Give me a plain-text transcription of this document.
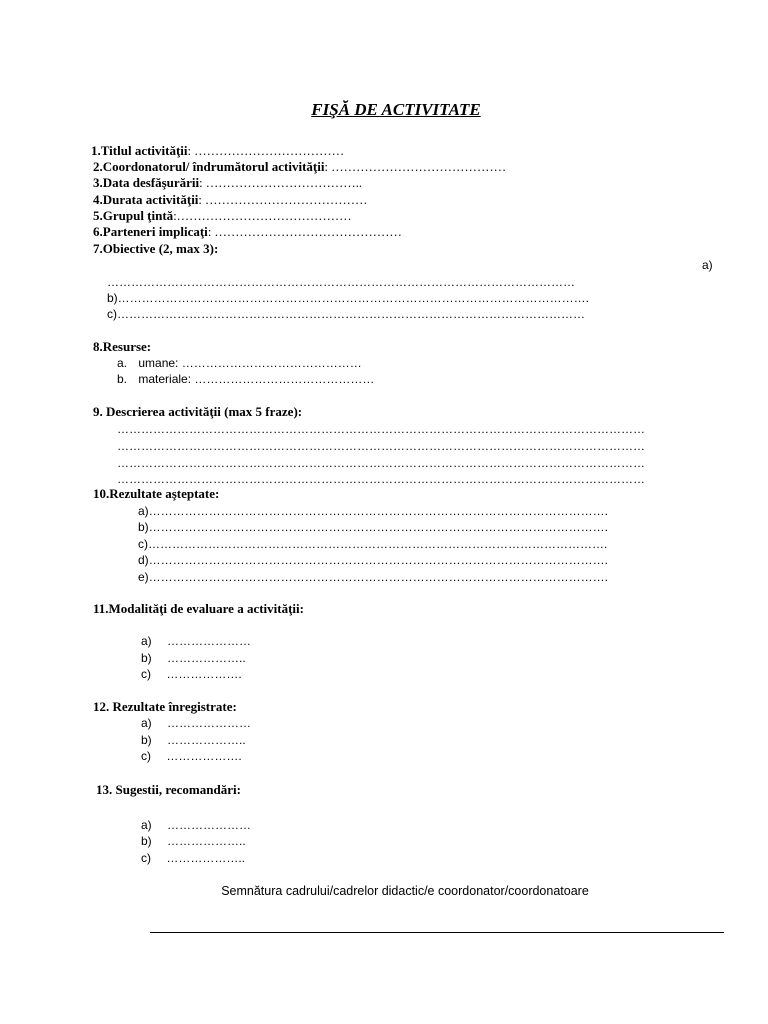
FIŞĂ DE ACTIVITATE
1.Titlul activităţii: ………………………………
2.Coordonatorul/ îndrumătorul activităţii: ……………………………………
3.Data desfăşurării: ………………………………..
4.Durata activităţii: …………………………………
5.Grupul ţintă:……………………………………
6.Parteneri implicaţi: ………………………………………
7.Obiective (2, max 3):
a)
………………………………………………………………………………………………………
b)……………………………………………………………………………………………………….
c)………………………………………………………………………………………………………
8.Resurse:
a. umane: ………………………………………
b. materiale: ………………………………………
9. Descrierea activităţii (max 5 fraze):
……………………………………………………………………………………………………………………
……………………………………………………………………………………………………………………
……………………………………………………………………………………………………………………
……………………………………………………………………………………………………………………
10.Rezultate aşteptate:
a)…………………………………………………………………………………………………….
b)…………………………………………………………………………………………………….
c)…………………………………………………………………………………………………….
d)…………………………………………………………………………………………………….
e)…………………………………………………………………………………………………….
11.Modalităţi de evaluare a activităţii:
a) …………………
b) ………………..
c) ……………….
12. Rezultate înregistrate:
a) …………………
b) ………………..
c) ……………….
13. Sugestii, recomandări:
a) …………………
b) ………………..
c) ………………..
Semnătura cadrului/cadrelor didactic/e coordonator/coordonatoare
